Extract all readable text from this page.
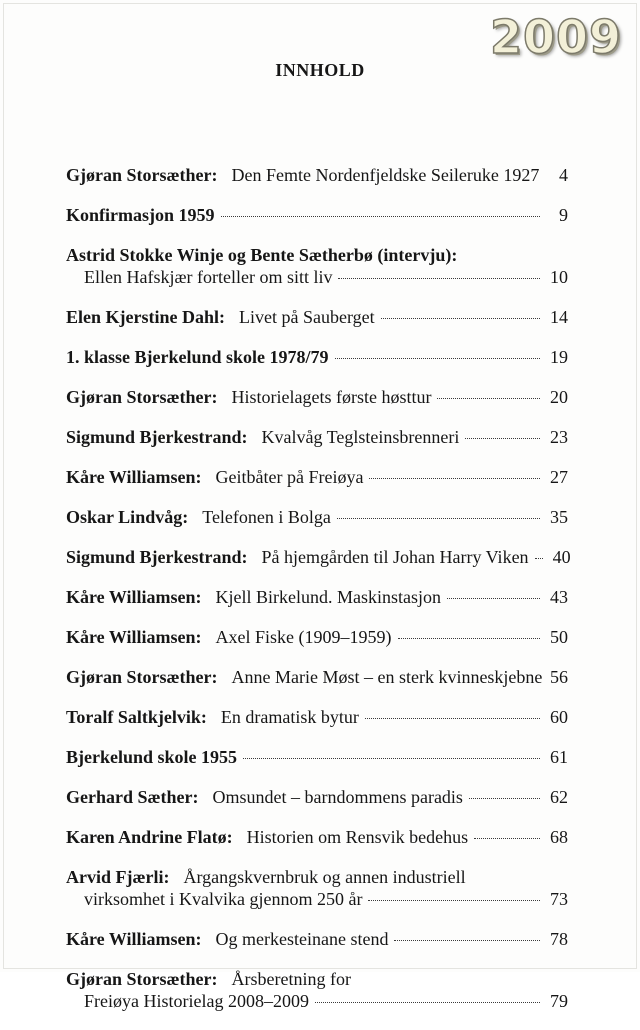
2009
INNHOLD
Gjøran Storsæther: Den Femte Nordenfjeldske Seileruke 1927	4
Konfirmasjon 1959	9
Astrid Stokke Winje og Bente Sætherbø (intervju):
Ellen Hafskjær forteller om sitt liv	10
Elen Kjerstine Dahl: Livet på Sauberget	14
1. klasse Bjerkelund skole 1978/79	19
Gjøran Storsæther: Historielagets første høsttur	20
Sigmund Bjerkestrand: Kvalvåg Teglsteinsbrenneri	23
Kåre Williamsen: Geitbåter på Freiøya	27
Oskar Lindvåg: Telefonen i Bolga	35
Sigmund Bjerkestrand: På hjemgården til Johan Harry Viken 40
Kåre Williamsen: Kjell Birkelund. Maskinstasjon	43
Kåre Williamsen: Axel Fiske (1909–1959)	50
Gjøran Storsæther: Anne Marie Møst – en sterk kvinneskjebne 56
Toralf Saltkjelvik: En dramatisk bytur	60
Bjerkelund skole 1955	61
Gerhard Sæther: Omsundet – barndommens paradis	62
Karen Andrine Flatø: Historien om Rensvik bedehus	68
Arvid Fjærli: Årgangskvernbruk og annen industriell
virksomhet i Kvalvika gjennom 250 år	73
Kåre Williamsen: Og merkesteinane stend	78
Gjøran Storsæther: Årsberetning for
Freiøya Historielag 2008–2009	79
